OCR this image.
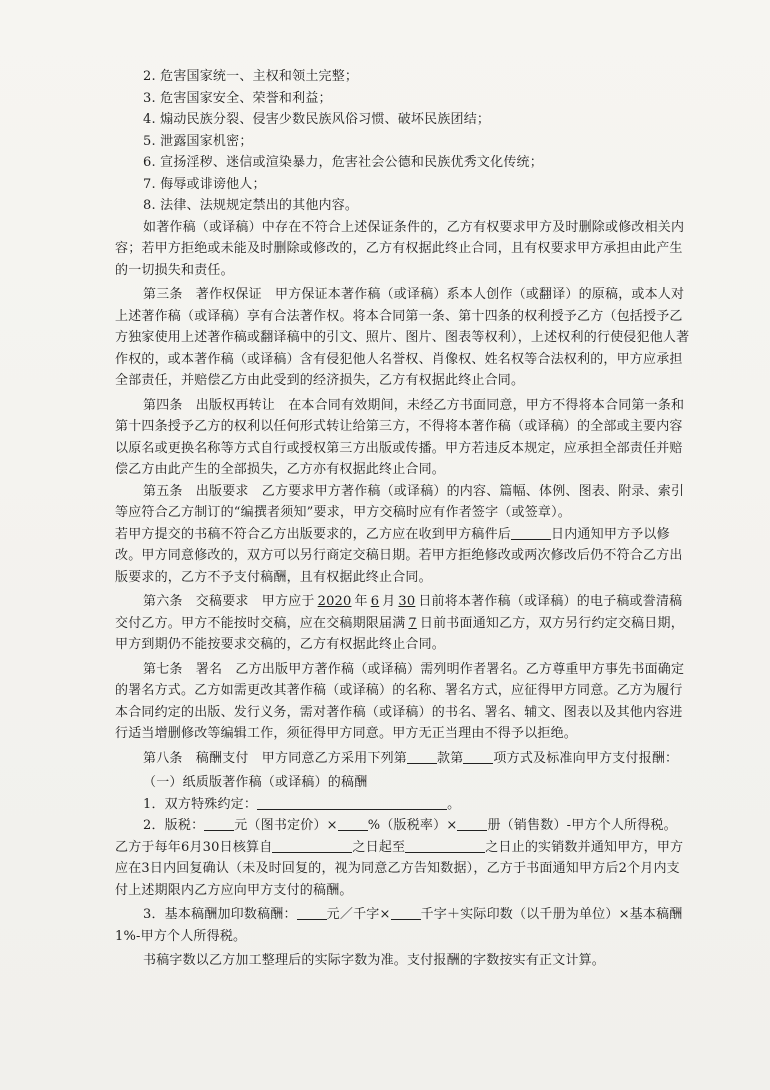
2. 危害国家统一、主权和领土完整；

3. 危害国家安全、荣誉和利益；

4. 煽动民族分裂、侵害少数民族风俗习惯、破坏民族团结；

5. 泄露国家机密；

6. 宣扬淫秽、迷信或渲染暴力，危害社会公德和民族优秀文化传统；

7. 侮辱或诽谤他人；

8. 法律、法规规定禁出的其他内容。

如著作稿（或译稿）中存在不符合上述保证条件的，乙方有权要求甲方及时删除或修改相关内容；若甲方拒绝或未能及时删除或修改的，乙方有权据此终止合同，且有权要求甲方承担由此产生的一切损失和责任。

第三条　著作权保证　甲方保证本著作稿（或译稿）系本人创作（或翻译）的原稿，或本人对上述著作稿（或译稿）享有合法著作权。将本合同第一条、第十四条的权利授予乙方（包括授予乙方独家使用上述著作稿或翻译稿中的引文、照片、图片、图表等权利），上述权利的行使侵犯他人著作权的，或本著作稿（或译稿）含有侵犯他人名誉权、肖像权、姓名权等合法权利的，甲方应承担全部责任，并赔偿乙方由此受到的经济损失，乙方有权据此终止合同。

第四条　出版权再转让　在本合同有效期间，未经乙方书面同意，甲方不得将本合同第一条和第十四条授予乙方的权利以任何形式转让给第三方，不得将本著作稿（或译稿）的全部或主要内容以原名或更换名称等方式自行或授权第三方出版或传播。甲方若违反本规定，应承担全部责任并赔偿乙方由此产生的全部损失，乙方亦有权据此终止合同。

第五条　出版要求　乙方要求甲方著作稿（或译稿）的内容、篇幅、体例、图表、附录、索引等应符合乙方制订的“编撰者须知”要求，甲方交稿时应有作者签字（或签章）。

若甲方提交的书稿不符合乙方出版要求的，乙方应在收到甲方稿件后	日内通知甲方予以修改。甲方同意修改的，双方可以另行商定交稿日期。若甲方拒绝修改或两次修改后仍不符合乙方出版要求的，乙方不予支付稿酬，且有权据此终止合同。

第六条　交稿要求　甲方应于 2020 年 6 月 30 日前将本著作稿（或译稿）的电子稿或誊清稿交付乙方。甲方不能按时交稿，应在交稿期限届满 7 日前书面通知乙方，双方另行约定交稿日期，甲方到期仍不能按要求交稿的，乙方有权据此终止合同。

第七条　署名　乙方出版甲方著作稿（或译稿）需列明作者署名。乙方尊重甲方事先书面确定的署名方式。乙方如需更改其著作稿（或译稿）的名称、署名方式，应征得甲方同意。乙方为履行本合同约定的出版、发行义务，需对著作稿（或译稿）的书名、署名、辅文、图表以及其他内容进行适当增删修改等编辑工作，须征得甲方同意。甲方无正当理由不得予以拒绝。

第八条　稿酬支付　甲方同意乙方采用下列第 款第 项方式及标准向甲方支付报酬：

（一）纸质版著作稿（或译稿）的稿酬

1．双方特殊约定：	。

2．版税： 元（图书定价）× %（版税率）× 册（销售数）-甲方个人所得税。乙方于每年6月30日核算自	之日起至	之日止的实销数并通知甲方，甲方应在3日内回复确认（未及时回复的，视为同意乙方告知数据），乙方于书面通知甲方后2个月内支付上述期限内乙方应向甲方支付的稿酬。

3．基本稿酬加印数稿酬： 元／千字× 千字＋实际印数（以千册为单位）×基本稿酬1%-甲方个人所得税。

书稿字数以乙方加工整理后的实际字数为准。支付报酬的字数按实有正文计算。
